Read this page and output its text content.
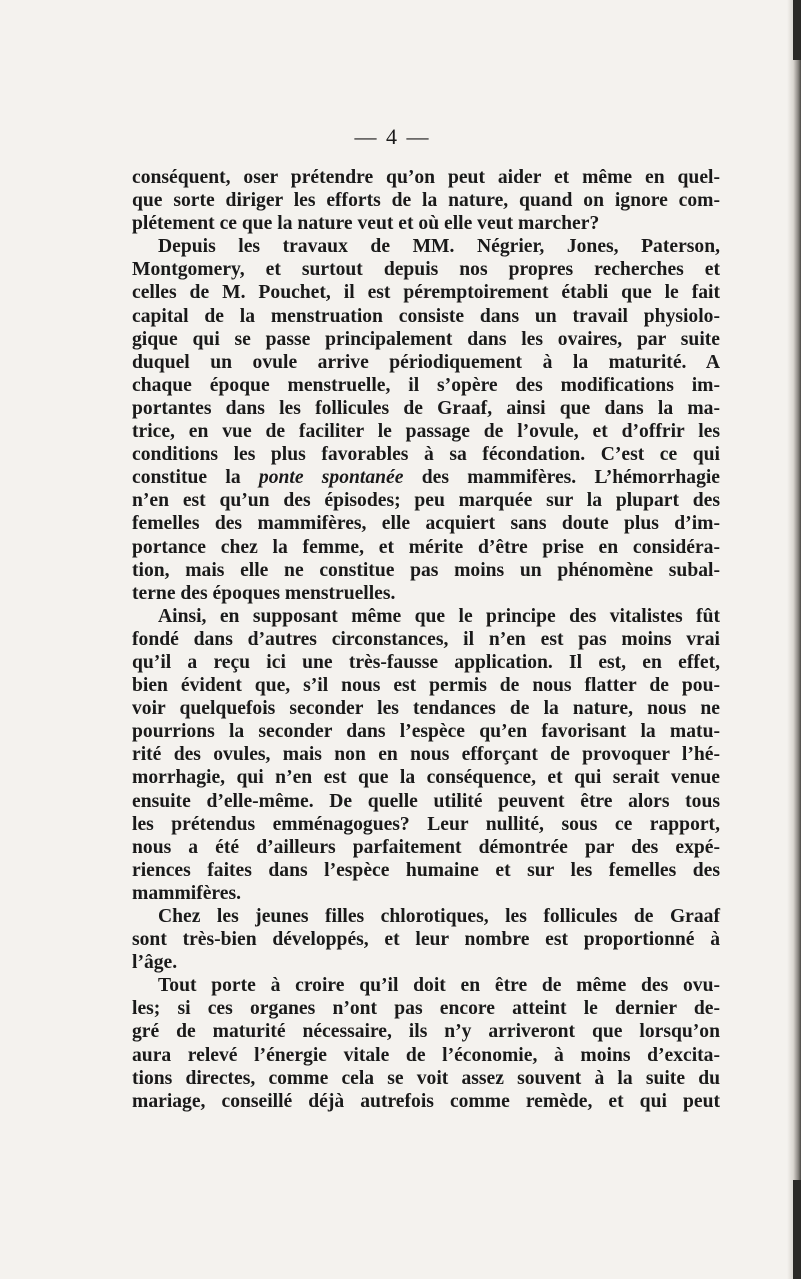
— 4 —
conséquent, oser prétendre qu’on peut aider et même en quel-
que sorte diriger les efforts de la nature, quand on ignore com-
plétement ce que la nature veut et où elle veut marcher?
Depuis les travaux de MM. Négrier, Jones, Paterson,
Montgomery, et surtout depuis nos propres recherches et
celles de M. Pouchet, il est péremptoirement établi que le fait
capital de la menstruation consiste dans un travail physiolo-
gique qui se passe principalement dans les ovaires, par suite
duquel un ovule arrive périodiquement à la maturité. A
chaque époque menstruelle, il s’opère des modifications im-
portantes dans les follicules de Graaf, ainsi que dans la ma-
trice, en vue de faciliter le passage de l’ovule, et d’offrir les
conditions les plus favorables à sa fécondation. C’est ce qui
constitue la ponte spontanée des mammifères. L’hémorrhagie
n’en est qu’un des épisodes; peu marquée sur la plupart des
femelles des mammifères, elle acquiert sans doute plus d’im-
portance chez la femme, et mérite d’être prise en considéra-
tion, mais elle ne constitue pas moins un phénomène subal-
terne des époques menstruelles.
Ainsi, en supposant même que le principe des vitalistes fût
fondé dans d’autres circonstances, il n’en est pas moins vrai
qu’il a reçu ici une très-fausse application. Il est, en effet,
bien évident que, s’il nous est permis de nous flatter de pou-
voir quelquefois seconder les tendances de la nature, nous ne
pourrions la seconder dans l’espèce qu’en favorisant la matu-
rité des ovules, mais non en nous efforçant de provoquer l’hé-
morrhagie, qui n’en est que la conséquence, et qui serait venue
ensuite d’elle-même. De quelle utilité peuvent être alors tous
les prétendus emménagogues? Leur nullité, sous ce rapport,
nous a été d’ailleurs parfaitement démontrée par des expé-
riences faites dans l’espèce humaine et sur les femelles des
mammifères.
Chez les jeunes filles chlorotiques, les follicules de Graaf
sont très-bien développés, et leur nombre est proportionné à
l’âge.
Tout porte à croire qu’il doit en être de même des ovu-
les; si ces organes n’ont pas encore atteint le dernier de-
gré de maturité nécessaire, ils n’y arriveront que lorsqu’on
aura relevé l’énergie vitale de l’économie, à moins d’excita-
tions directes, comme cela se voit assez souvent à la suite du
mariage, conseillé déjà autrefois comme remède, et qui peut
